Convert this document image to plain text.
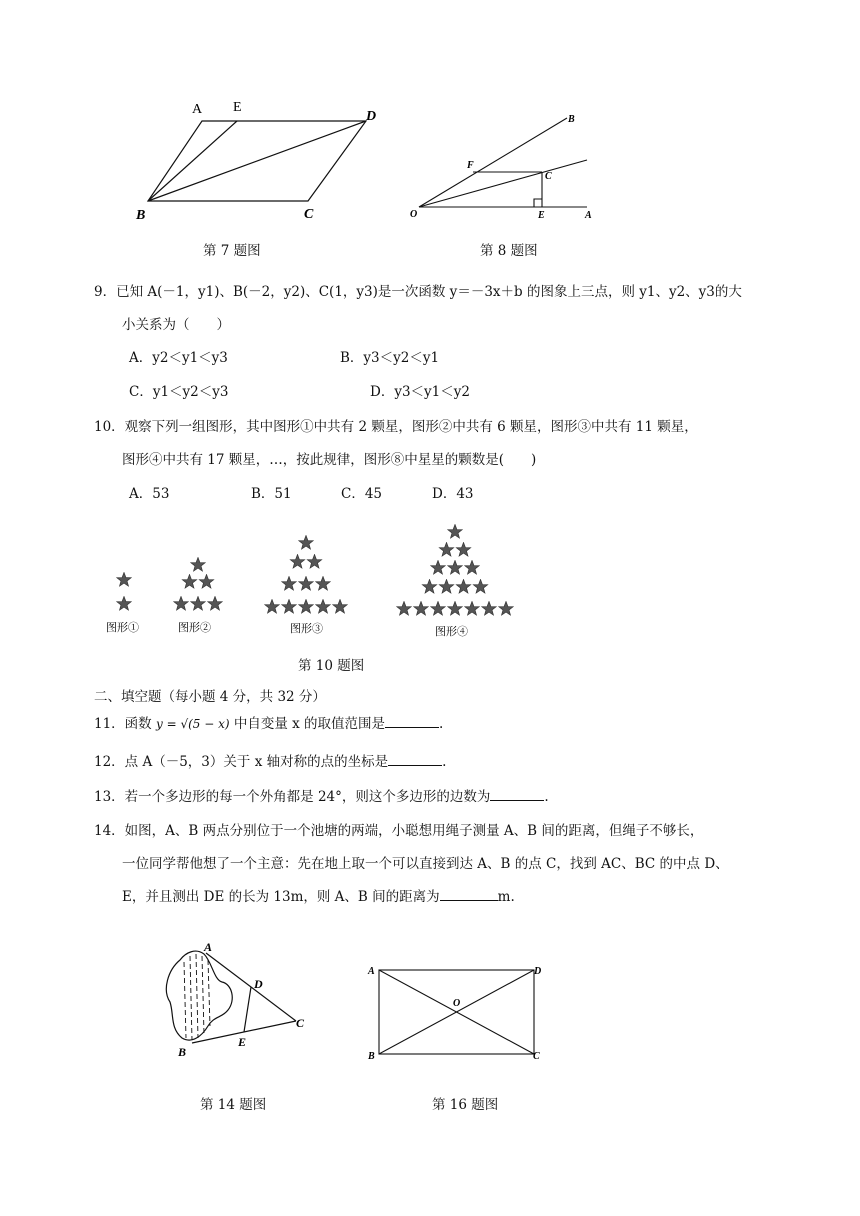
A E
D
B	C
第 7 题图
B
F
C
O	E	A
第 8 题图
9．已知 A(－1，y1)、B(－2，y2)、C(1，y3)是一次函数 y＝－3x＋b 的图象上三点，则 y1、y2、y3的大
小关系为（　　）
A．y2＜y1＜y3	B．y3＜y2＜y1
C．y1＜y2＜y3	D．y3＜y1＜y2
10．观察下列一组图形，其中图形①中共有 2 颗星，图形②中共有 6 颗星，图形③中共有 11 颗星，
图形④中共有 17 颗星，…，按此规律，图形⑧中星星的颗数是(　　)
A．53	B．51	C．45	D．43
图形①	图形②	图形③	图形④
第 10 题图
二、填空题（每小题 4 分，共 32 分）
11．函数 y = √(5 − x) 中自变量 x 的取值范围是	.
12．点 A（－5，3）关于 x 轴对称的点的坐标是	.
13．若一个多边形的每一个外角都是 24°，则这个多边形的边数为	.
14．如图，A、B 两点分别位于一个池塘的两端，小聪想用绳子测量 A、B 间的距离，但绳子不够长，
一位同学帮他想了一个主意：先在地上取一个可以直接到达 A、B 的点 C，找到 AC、BC 的中点 D、
E，并且测出 DE 的长为 13m，则 A、B 间的距离为	m.
A
D
C
E
B
第 14 题图
A	D
O
B	C
第 16 题图
